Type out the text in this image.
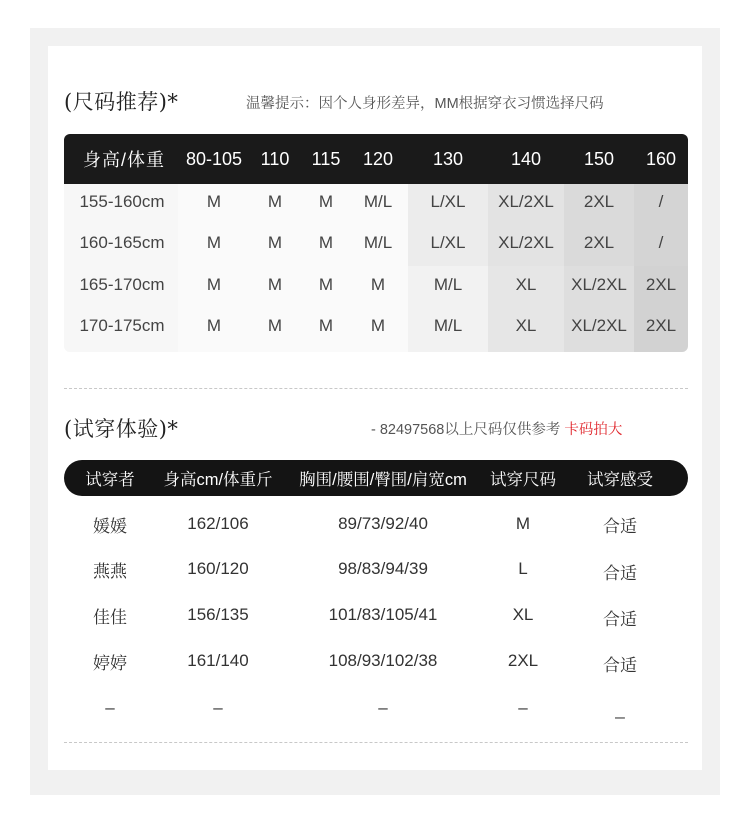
(尺码推荐)*	温馨提示：因个人身形差异，MM根据穿衣习惯选择尺码
身高/体重	80-105	110	115	120	130	140	150	160
155-160cm	M	M	M	M/L	L/XL	XL/2XL	2XL	/
160-165cm	M	M	M	M/L	L/XL	XL/2XL	2XL	/
165-170cm	M	M	M	M	M/L	XL	XL/2XL	2XL
170-175cm	M	M	M	M	M/L	XL	XL/2XL	2XL
(试穿体验)*	- 82497568以上尺码仅供参考 卡码拍大
试穿者	身高cm/体重斤	胸围/腰围/臀围/肩宽cm	试穿尺码	试穿感受
媛媛	162/106	89/73/92/40	M	合适
燕燕	160/120	98/83/94/39	L	合适
佳佳	156/135	101/83/105/41	XL	合适
婷婷	161/140	108/93/102/38	2XL	合适
–	–	–	–	_
